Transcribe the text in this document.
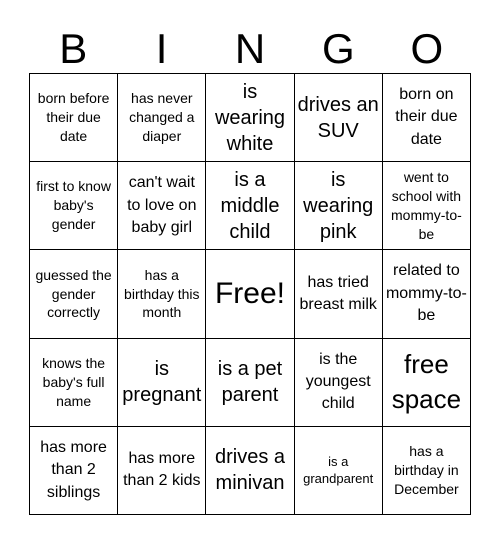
B	I	N	G	O
born before their due date
has never changed a diaper
is wearing white
drives an SUV
born on their due date
first to know baby's gender
can't wait to love on baby girl
is a middle child
is wearing pink
went to school with mommy-to-be
guessed the gender correctly
has a birthday this month
Free!	has tried breast milk
related to mommy-to-be
knows the baby's full name
is pregnant
is a pet parent
is the youngest child
free space
has more than 2 siblings
has more than 2 kids
drives a minivan
is a grandparent
has a birthday in December
